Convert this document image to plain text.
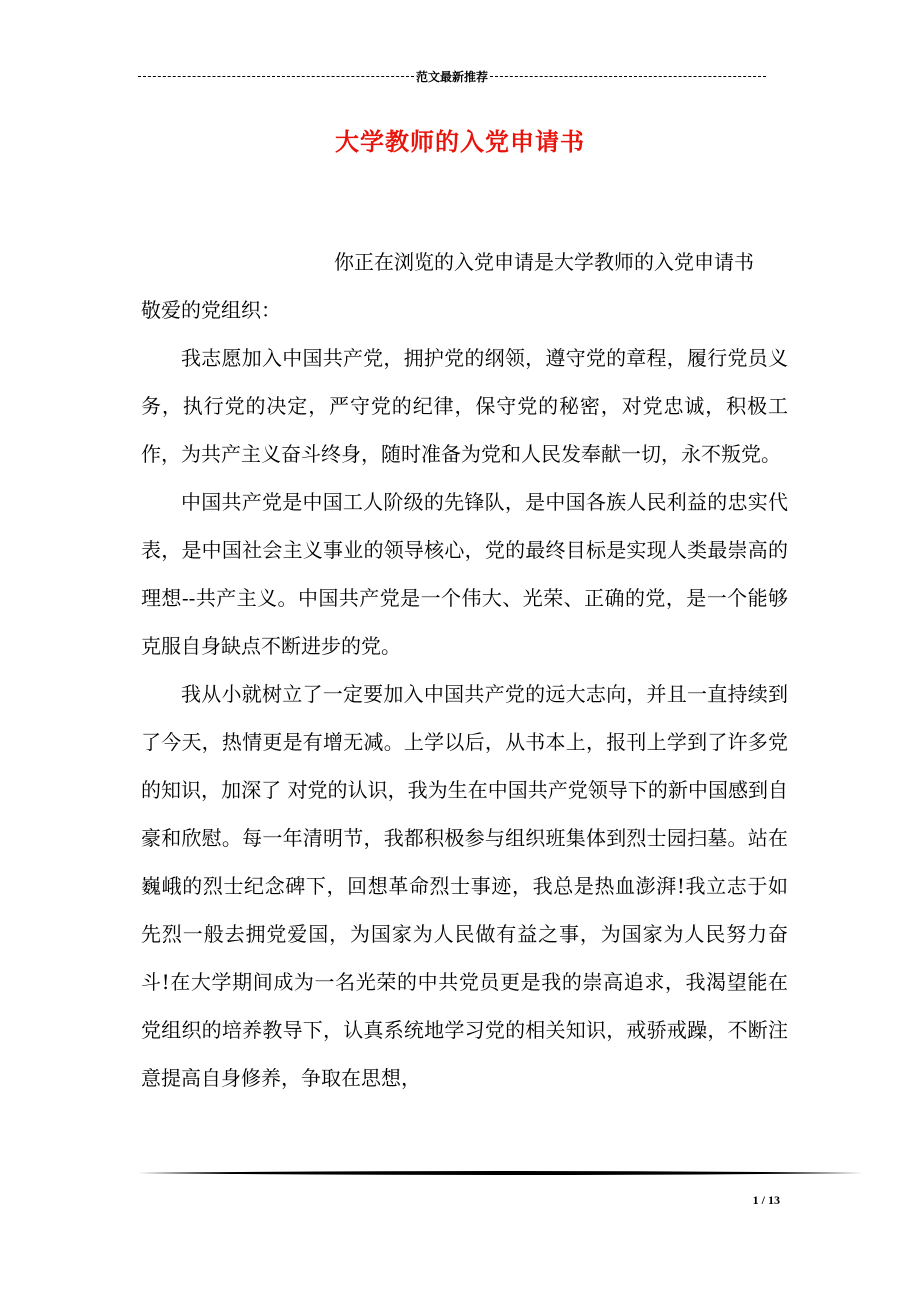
范文最新推荐
大学教师的入党申请书

你正在浏览的入党申请是大学教师的入党申请书

敬爱的党组织：

我志愿加入中国共产党，拥护党的纲领，遵守党的章程，履行党员义务，执行党的决定，严守党的纪律，保守党的秘密，对党忠诚，积极工作，为共产主义奋斗终身，随时准备为党和人民发奉献一切，永不叛党。

中国共产党是中国工人阶级的先锋队，是中国各族人民利益的忠实代表，是中国社会主义事业的领导核心，党的最终目标是实现人类最崇高的理想--共产主义。中国共产党是一个伟大、光荣、正确的党，是一个能够克服自身缺点不断进步的党。

我从小就树立了一定要加入中国共产党的远大志向，并且一直持续到了今天，热情更是有增无减。上学以后，从书本上，报刊上学到了许多党的知识，加深了 对党的认识，我为生在中国共产党领导下的新中国感到自豪和欣慰。每一年清明节，我都积极参与组织班集体到烈士园扫墓。站在巍峨的烈士纪念碑下，回想革命烈士事迹，我总是热血澎湃!我立志于如先烈一般去拥党爱国，为国家为人民做有益之事，为国家为人民努力奋斗!在大学期间成为一名光荣的中共党员更是我的崇高追求，我渴望能在党组织的培养教导下，认真系统地学习党的相关知识，戒骄戒躁，不断注意提高自身修养，争取在思想，

1 / 13
